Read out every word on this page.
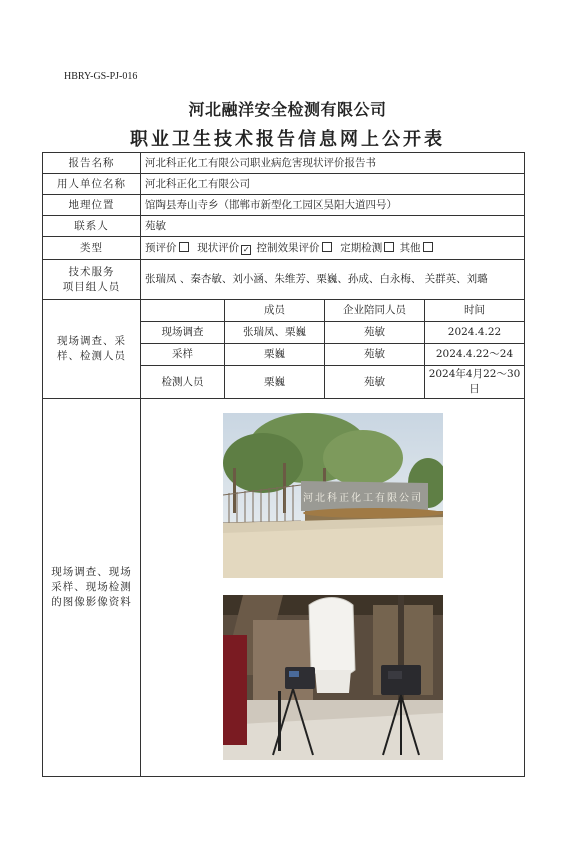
HBRY-GS-PJ-016
河北融洋安全检测有限公司
职业卫生技术报告信息网上公开表
报告名称	河北科正化工有限公司职业病危害现状评价报告书			
用人单位名称	河北科正化工有限公司			
地理位置	馆陶县寿山寺乡（邯郸市新型化工园区昊阳大道四号）			
联系人	苑敏			
类型	预评价 现状评价 ✓ 控制效果评价 定期检测 其他			

技术服务
项目组人员	张瑞凤 、秦杏敏、刘小涵、朱维芳、栗巍、孙成、白永梅、 关群英、刘璐			
现场调查、采样、检测人员		成员	企业陪同人员	时间
	现场调查	张瑞凤、栗巍	苑敏	2024.4.22
	采样	栗巍	苑敏	2024.4.22～24
	检测人员	栗巍	苑敏	2024年4月22～30日
现场调查、现场采样、现场检测的图像影像资料	河北科正化工有限公司			
